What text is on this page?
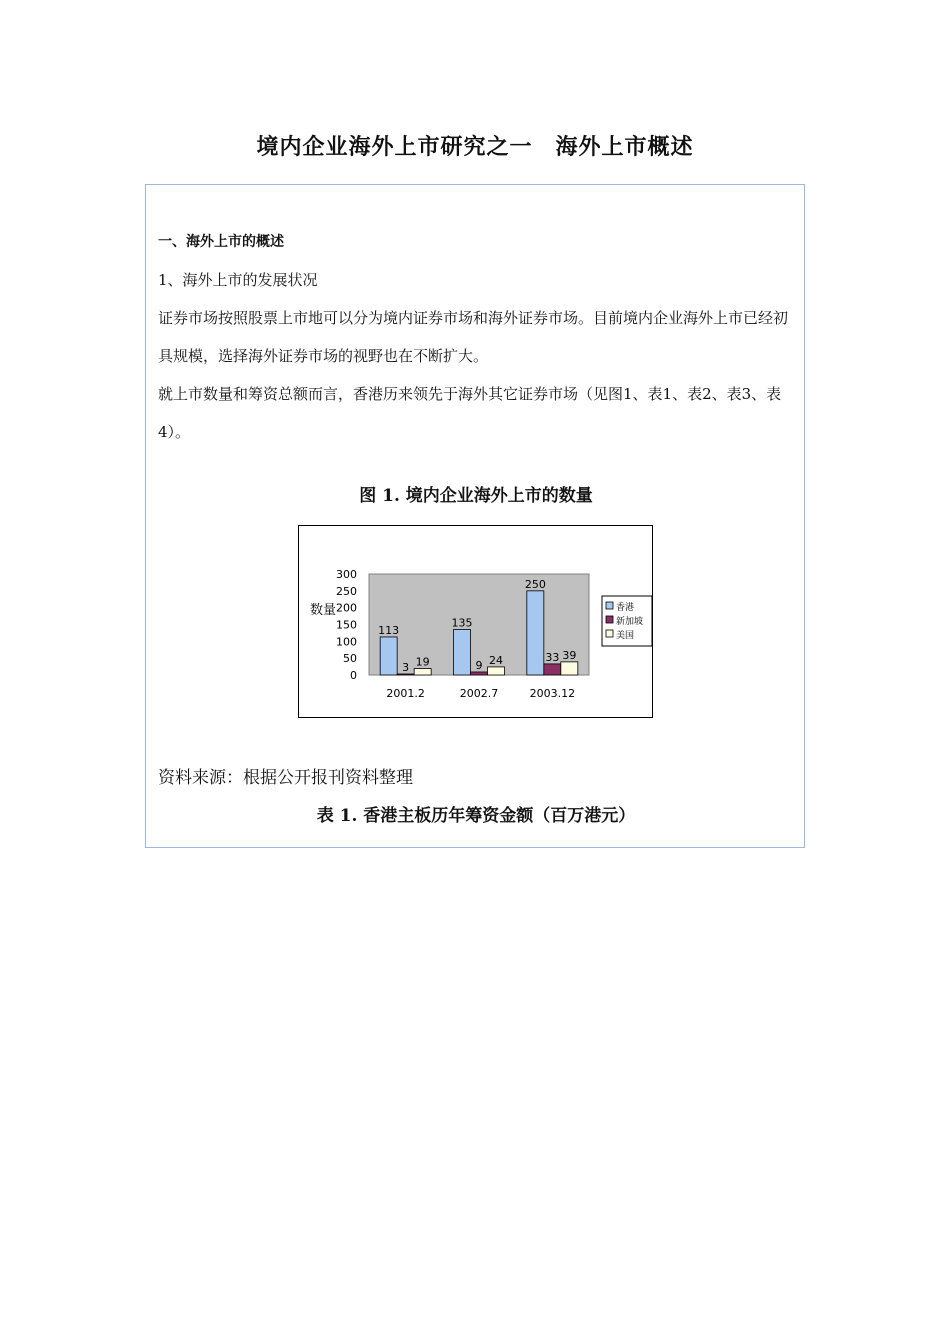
境内企业海外上市研究之一　海外上市概述

一、海外上市的概述

1、海外上市的发展状况

证券市场按照股票上市地可以分为境内证券市场和海外证券市场。目前境内企业海外上市已经初具规模，选择海外证券市场的视野也在不断扩大。

就上市数量和筹资总额而言，香港历来领先于海外其它证券市场（见图1、表1、表2、表3、表4）。

图 1. 境内企业海外上市的数量

0
50
100
150
200
250
300
数量
113
3 19
2001.2
135
9 24
2002.7
250
33 39
2003.12
香港
新加坡
美国

资料来源：根据公开报刊资料整理

表 1. 香港主板历年筹资金额（百万港元）
